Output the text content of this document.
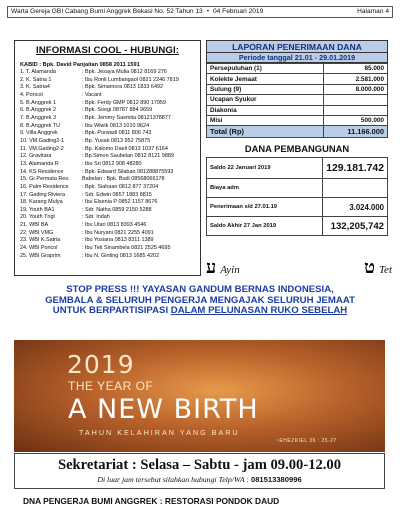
Warta Gereja GBI Cabang Bumi Anggrek Bekasi No. 52 Tahun 13 • 04 Februari 2019	Halaman 4
INFORMASI COOL - HUBUNGI:
KABID : Bpk. David Panjaitan 0858 2011 1591
1. T. Alamanda	: Bpk. Jesaya Mulia 0812 8169 276
2. K. Satria 1	: Ibu Ronli Lumbangaol 0821 2246 7819
3. K. Satria4	: Bpk. Simamora 0813 1833 6492
4. Poncol	: Vacant
5. B.Anggrek 1	: Bpk. Ferdy GMP 0812 890 17959
6. B.Anggrek 2	: Bpk. Soegi 08787 884 9659
7. B.Anggrek 3	: Bpk. Jemmy Sasmita 08121378877
8. B.Anggrek TU	: Ibu Wiwik 0813 1010 9624
9. Villa Anggrek	: Bpk. Purwadi 0811 806 743
10. VM.Gading2-1	: Bp. Yusak 0813 952 75875
11. VM.Gading2-2	: Bp. Kalomo Daeli 0813 1037 6164
12. Gravitara	: Bp.Simon Saubelan 0812 8121 9889
13. Alamanda R	: Ibu Sri 0812 908 48280
14. KS Residence	: Bpk. Edward Silaban 081288875593
15. Gr.Permata Res.	Babelan : Bpk. Budi 08568066178
16. Palm Residence	: Bpk. Siahaan 0812 877 37204
17. Gading Riviera	: Sdr. Edwin 0857 1883 8815
18. Karang Mulya	: Ibu Elsenia P 0852 1157 8676
19. Youth BA1	: Sdr. Natha 0859 2150 5288
20. Youth Tngl	: Sdr. Indah
21. WBI BA	: Ibu Utari 0813 8393 4546
22. WBI VMG	: Ibu Nuryani 0821 2255 4091
23. WBI K.Satria	: Ibu Yosiana 0813 8311 1389
24. WBI Poncol	: Ibu Teti Sinambela 0821 2525 4695
25. WBI Graprim	: Ibu N. Ginting 0813 1685 4202
LAPORAN PENERIMAAN DANA
Periode tanggal 21.01 - 29.01.2019
Persepuluhan (1)	85.000
Kolekte Jemaat	2.581.000
Sulung (9)	8.000.000
Ucapan Syukur	
Diakonia	
Misi	500.000
Total (Rp)	11.166.000
DANA PEMBANGUNAN
Saldo 22 Januari 2019	129.181.742
Biaya adm	
Penerimaan s/d 27.01.19	3.024.000
Saldo Akhir 27 Jan 2019	132,205,742
ע Ayin	ט Tet
STOP PRESS !!! YAYASAN GANDUM BERNAS INDONESIA,
GEMBALA & SELURUH PENGERJA MENGAJAK SELURUH JEMAAT
UNTUK BERPARTISIPASI DALAM PELUNASAN RUKO SEBELAH
2019
THE YEAR OF
A NEW BIRTH
TAHUN KELAHIRAN YANG BARU
~EHEZKIEL 36 : 25-27
Sekretariat : Selasa – Sabtu - jam 09.00-12.00
Di luar jam tersebut silahkan hubungi Telp/WA : 081513380996
DNA PENGERJA BUMI ANGGREK : RESTORASI PONDOK DAUD
